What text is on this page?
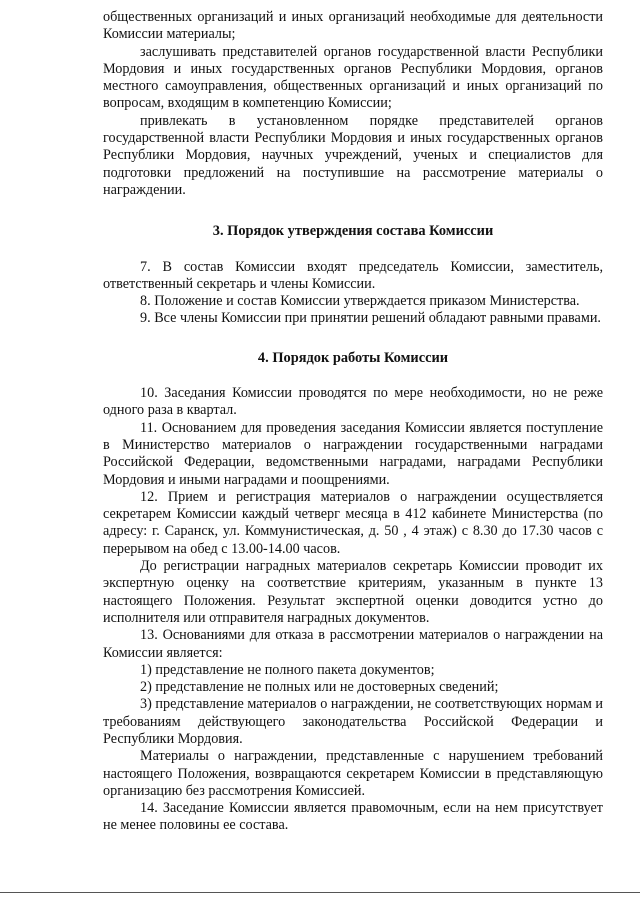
общественных организаций и иных организаций необходимые для деятельности Комиссии материалы;

заслушивать представителей органов государственной власти Республики Мордовия и иных государственных органов Республики Мордовия, органов местного самоуправления, общественных организаций и иных организаций по вопросам, входящим в компетенцию Комиссии;

привлекать в установленном порядке представителей органов государственной власти Республики Мордовия и иных государственных органов Республики Мордовия, научных учреждений, ученых и специалистов для подготовки предложений на поступившие на рассмотрение материалы о награждении.

3. Порядок утверждения состава Комиссии

7. В состав Комиссии входят председатель Комиссии, заместитель, ответственный секретарь и члены Комиссии.

8. Положение и состав Комиссии утверждается приказом Министерства.

9. Все члены Комиссии при принятии решений обладают равными правами.

4. Порядок работы Комиссии

10. Заседания Комиссии проводятся по мере необходимости, но не реже одного раза в квартал.

11. Основанием для проведения заседания Комиссии является поступление в Министерство материалов о награждении государственными наградами Российской Федерации, ведомственными наградами, наградами Республики Мордовия и иными наградами и поощрениями.

12. Прием и регистрация материалов о награждении осуществляется секретарем Комиссии каждый четверг месяца в 412 кабинете Министерства (по адресу: г. Саранск, ул. Коммунистическая, д. 50 , 4 этаж) с 8.30 до 17.30 часов с перерывом на обед с 13.00-14.00 часов.

До регистрации наградных материалов секретарь Комиссии проводит их экспертную оценку на соответствие критериям, указанным в пункте 13 настоящего Положения. Результат экспертной оценки доводится устно до исполнителя или отправителя наградных документов.

13. Основаниями для отказа в рассмотрении материалов о награждении на Комиссии является:

1) представление не полного пакета документов;

2) представление не полных или не достоверных сведений;

3) представление материалов о награждении, не соответствующих нормам и требованиям действующего законодательства Российской Федерации и Республики Мордовия.

Материалы о награждении, представленные с нарушением требований настоящего Положения, возвращаются секретарем Комиссии в представляющую организацию без рассмотрения Комиссией.

14. Заседание Комиссии является правомочным, если на нем присутствует не менее половины ее состава.
